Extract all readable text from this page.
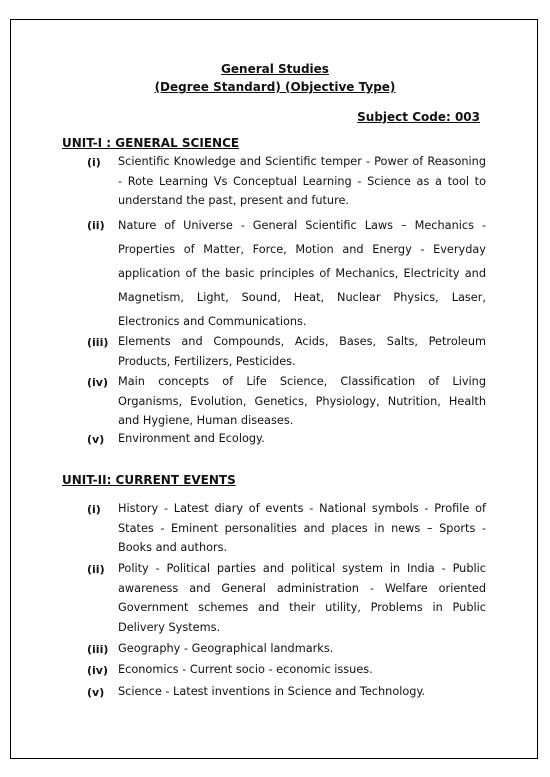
General Studies
(Degree Standard) (Objective Type)
Subject Code: 003
UNIT-I : GENERAL SCIENCE
(i) Scientific Knowledge and Scientific temper - Power of Reasoning - Rote Learning Vs Conceptual Learning - Science as a tool to understand the past, present and future.
(ii) Nature of Universe - General Scientific Laws – Mechanics - Properties of Matter, Force, Motion and Energy - Everyday application of the basic principles of Mechanics, Electricity and Magnetism, Light, Sound, Heat, Nuclear Physics, Laser, Electronics and Communications.
(iii) Elements and Compounds, Acids, Bases, Salts, Petroleum Products, Fertilizers, Pesticides.
(iv) Main concepts of Life Science, Classification of Living Organisms, Evolution, Genetics, Physiology, Nutrition, Health and Hygiene, Human diseases.
(v) Environment and Ecology.
UNIT-II: CURRENT EVENTS
(i) History - Latest diary of events - National symbols - Profile of States - Eminent personalities and places in news – Sports - Books and authors.
(ii) Polity - Political parties and political system in India - Public awareness and General administration - Welfare oriented Government schemes and their utility, Problems in Public Delivery Systems.
(iii) Geography - Geographical landmarks.
(iv) Economics - Current socio - economic issues.
(v) Science - Latest inventions in Science and Technology.
